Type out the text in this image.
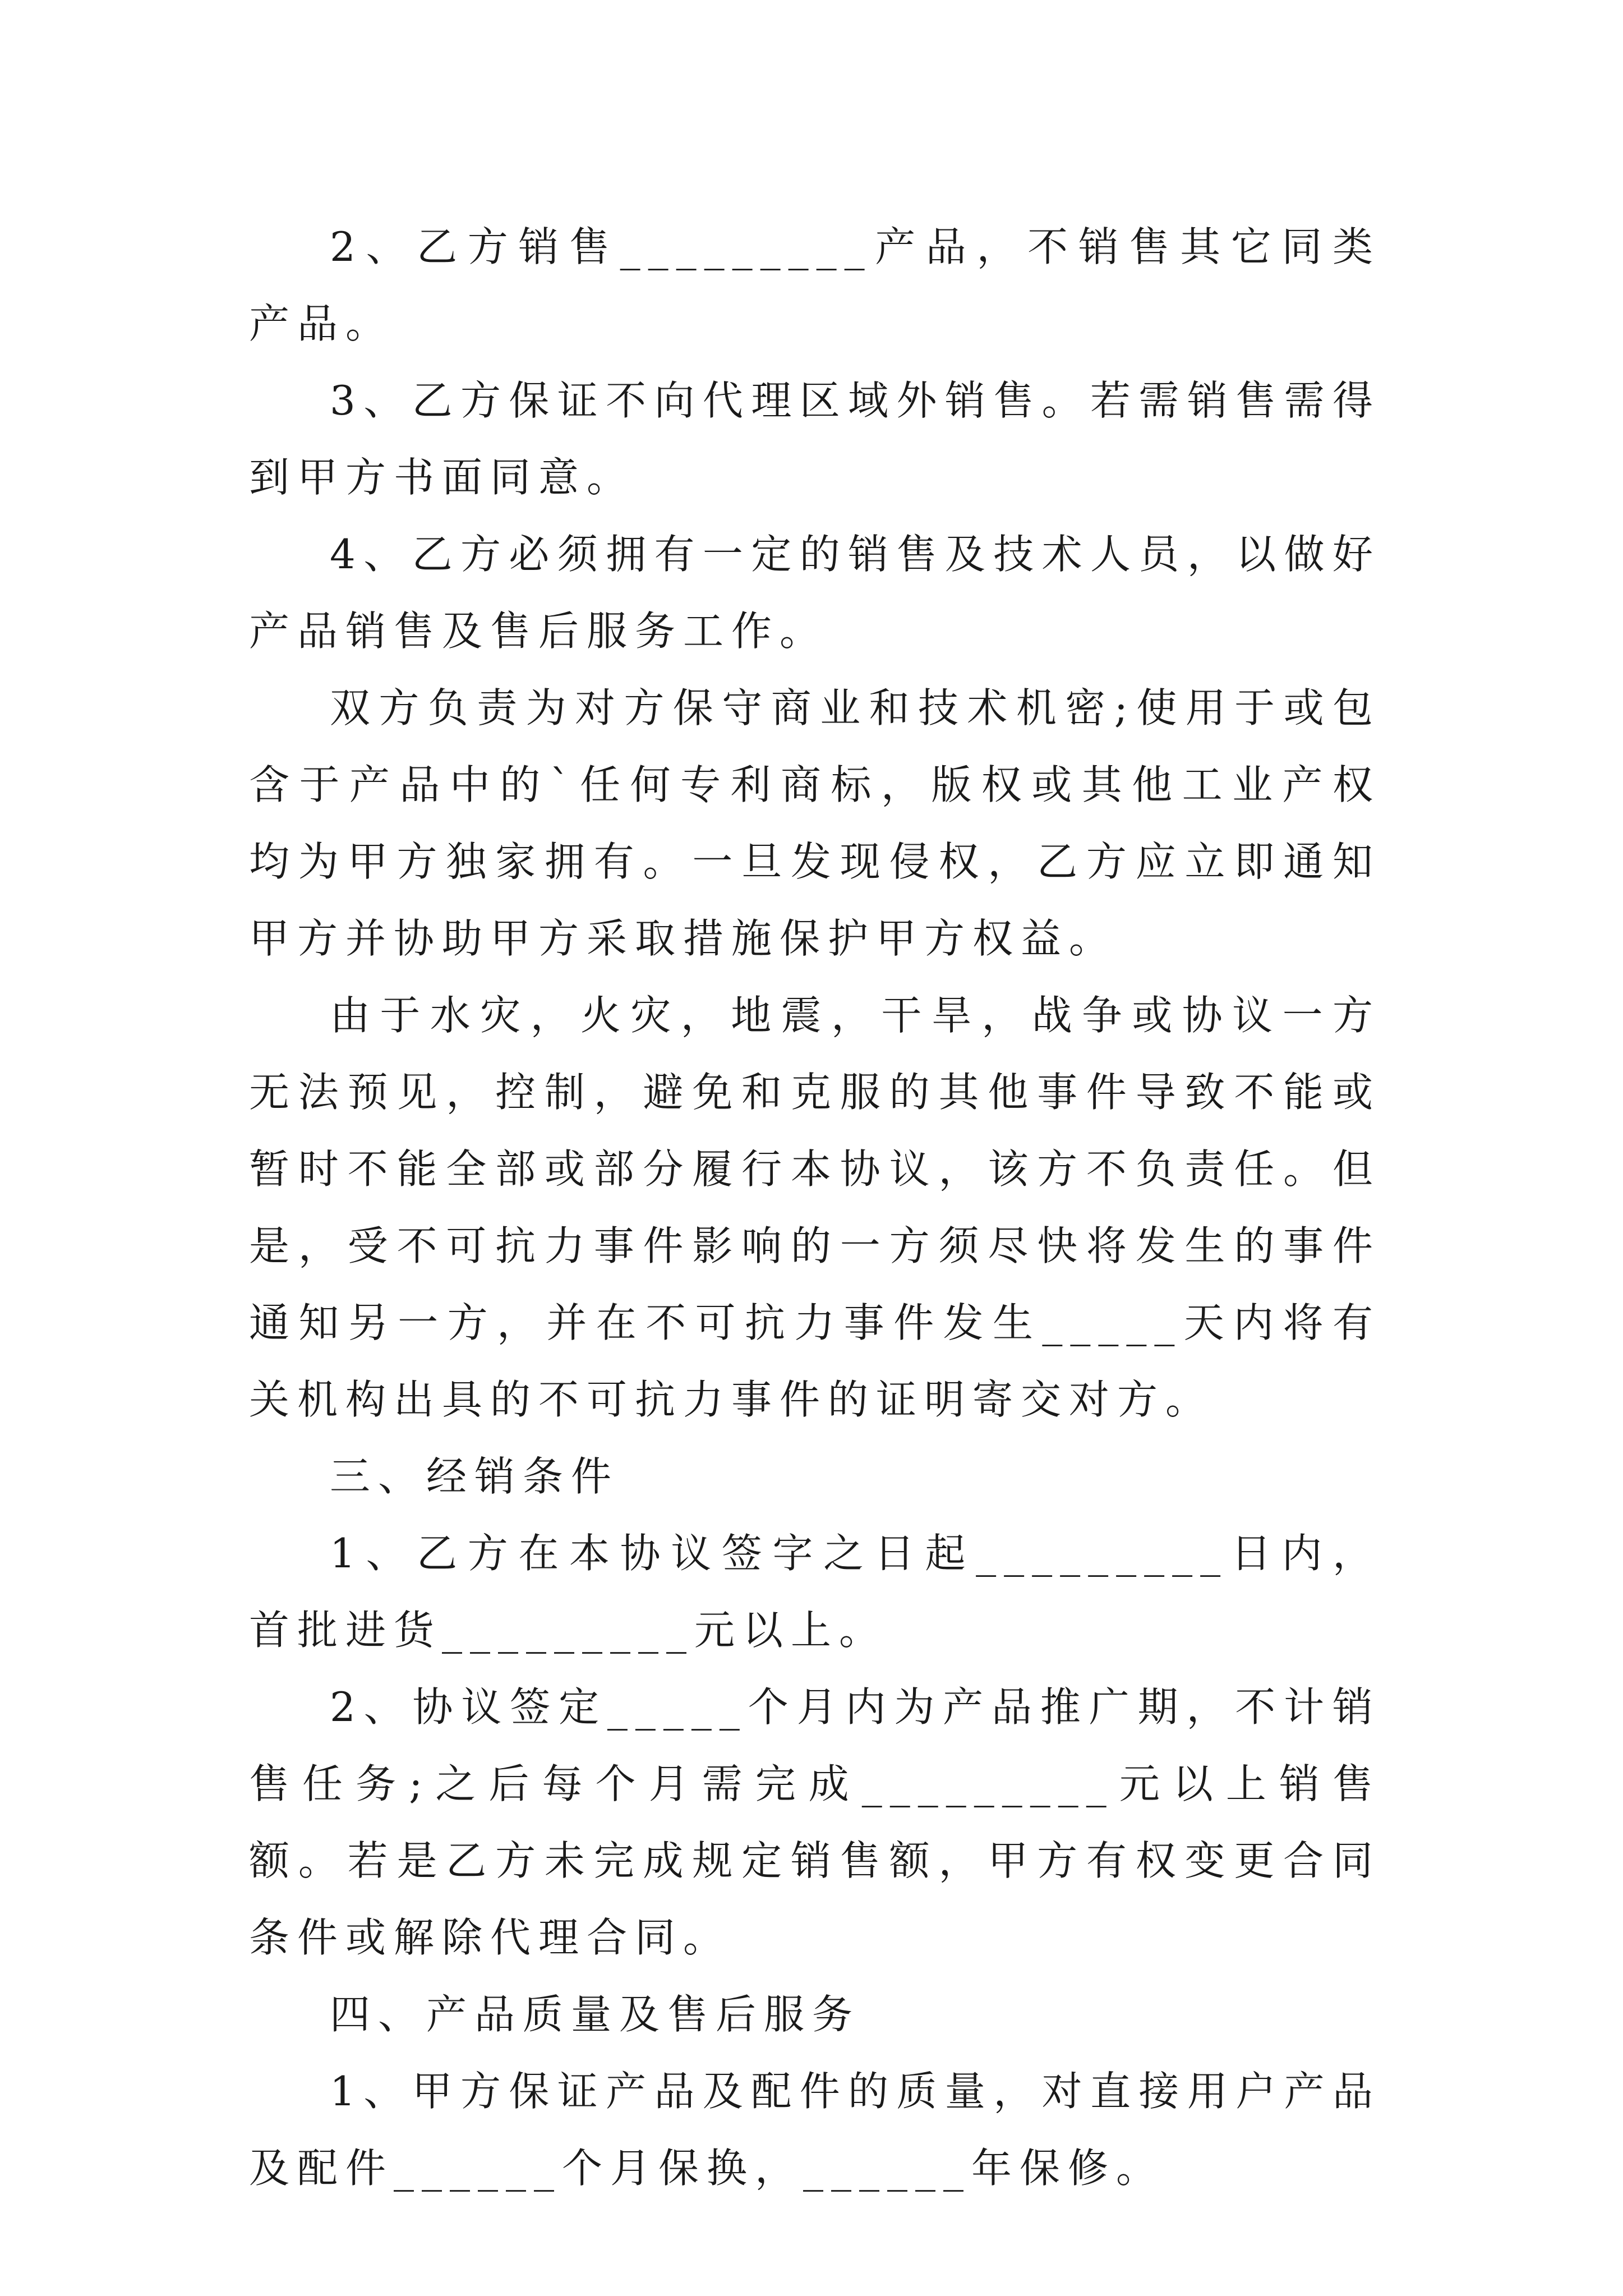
2、乙方销售_________产品，不销售其它同类产品。

3、乙方保证不向代理区域外销售。若需销售需得到甲方书面同意。

4、乙方必须拥有一定的销售及技术人员，以做好产品销售及售后服务工作。

双方负责为对方保守商业和技术机密;使用于或包含于产品中的`任何专利商标，版权或其他工业产权均为甲方独家拥有。一旦发现侵权，乙方应立即通知甲方并协助甲方采取措施保护甲方权益。

由于水灾，火灾，地震，干旱，战争或协议一方无法预见，控制，避免和克服的其他事件导致不能或暂时不能全部或部分履行本协议，该方不负责任。但是，受不可抗力事件影响的一方须尽快将发生的事件通知另一方，并在不可抗力事件发生_____天内将有关机构出具的不可抗力事件的证明寄交对方。

三、经销条件

1、乙方在本协议签字之日起_________日内，首批进货_________元以上。

2、协议签定_____个月内为产品推广期，不计销售任务;之后每个月需完成_________元以上销售额。若是乙方未完成规定销售额，甲方有权变更合同条件或解除代理合同。

四、产品质量及售后服务

1、甲方保证产品及配件的质量，对直接用户产品及配件______个月保换，______年保修。
